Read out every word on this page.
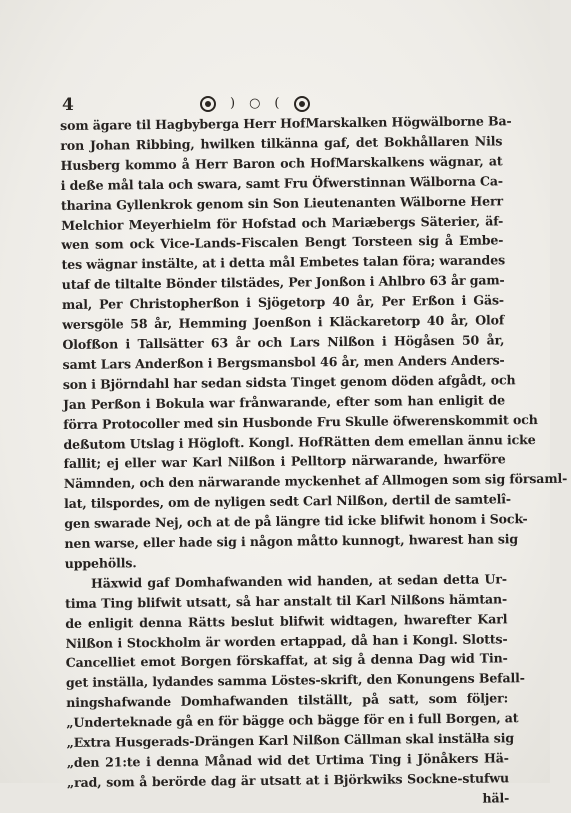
4	) ○ (
som ägare til Hagbyberga Herr HofMarskalken Högwälborne Ba-
ron Johan Ribbing, hwilken tilkänna gaf, det Bokhållaren Nils
Husberg kommo å Herr Baron och HofMarskalkens wägnar, at
i deße mål tala och swara, samt Fru Öfwerstinnan Wälborna Ca-
tharina Gyllenkrok genom sin Son Lieutenanten Wälborne Herr
Melchior Meyerhielm för Hofstad och Mariæbergs Säterier, äf-
wen som ock Vice-Lands-Fiscalen Bengt Torsteen sig å Embe-
tes wägnar instälte, at i detta mål Embetes talan föra; warandes
utaf de tiltalte Bönder tilstädes, Per Jonßon i Ahlbro 63 år gam-
mal, Per Christopherßon i Sjögetorp 40 år, Per Erßon i Gäs-
wersgöle 58 år, Hemming Joenßon i Kläckaretorp 40 år, Olof
Olofßon i Tallsätter 63 år och Lars Nilßon i Högåsen 50 år,
samt Lars Anderßon i Bergsmansbol 46 år, men Anders Anders-
son i Björndahl har sedan sidsta Tinget genom döden afgådt, och
Jan Perßon i Bokula war frånwarande, efter som han enligit de
förra Protocoller med sin Husbonde Fru Skulle öfwerenskommit och
deßutom Utslag i Högloft. Kongl. HofRätten dem emellan ännu icke
fallit; ej eller war Karl Nilßon i Pelltorp närwarande, hwarföre
Nämnden, och den närwarande myckenhet af Allmogen som sig församl-
lat, tilspordes, om de nyligen sedt Carl Nilßon, dertil de samtelî-
gen swarade Nej, och at de på längre tid icke blifwit honom i Sock-
nen warse, eller hade sig i någon måtto kunnogt, hwarest han sig
uppehölls.
Häxwid gaf Domhafwanden wid handen, at sedan detta Ur-
tima Ting blifwit utsatt, så har anstalt til Karl Nilßons hämtan-
de enligit denna Rätts beslut blifwit widtagen, hwarefter Karl
Nilßon i Stockholm är worden ertappad, då han i Kongl. Slotts-
Cancelliet emot Borgen förskaffat, at sig å denna Dag wid Tin-
get inställa, lydandes samma Löstes-skrift, den Konungens Befall-
ningshafwande Domhafwanden tilställt, på satt, som följer:
„Underteknade gå en för bägge och bägge för en i full Borgen, at
„Extra Husgerads-Drängen Karl Nilßon Cällman skal instälła sig
„den 21:te i denna Månad wid det Urtima Ting i Jönåkers Hä-
„rad, som å berörde dag är utsatt at i Björkwiks Sockne-stufwu
häl-
